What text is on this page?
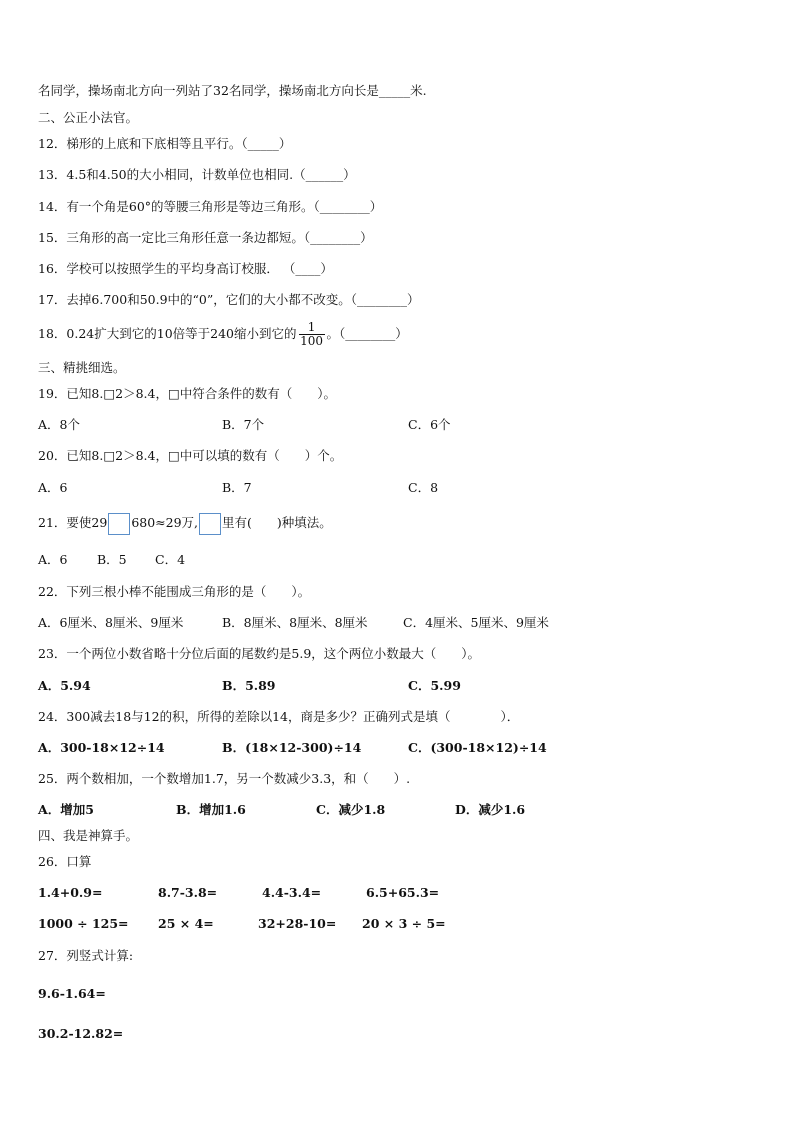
名同学，操场南北方向一列站了32名同学，操场南北方向长是_____米.
二、公正小法官。
12．梯形的上底和下底相等且平行。（_____）
13．4.5和4.50的大小相同，计数单位也相同.（______）
14．有一个角是60°的等腰三角形是等边三角形。（________）
15．三角形的高一定比三角形任意一条边都短。（________）
16．学校可以按照学生的平均身高订校服． （____）
17．去掉6.700和50.9中的“0”，它们的大小都不改变。（________）
18．0.24扩大到它的10倍等于240缩小到它的 $\frac{1}{100}$ 。（________）
三、精挑细选。
19．已知8.□2＞8.4，□中符合条件的数有（　　）。
A．8个	B．7个	C．6个
20．已知8.□2＞8.4，□中可以填的数有（　　）个。
A．6	B．7	C．8
21．要使29 680≈29万, 里有(　　)种填法。
A．6 B．5 C．4
22．下列三根小棒不能围成三角形的是（　　）。
A．6厘米、8厘米、9厘米	B．8厘米、8厘米、8厘米	C．4厘米、5厘米、9厘米
23．一个两位小数省略十分位后面的尾数约是5.9，这个两位小数最大（　　）。
A．5.94	B．5.89	C．5.99
24．300减去18与12的积，所得的差除以14，商是多少？正确列式是填（　　　　）．
A．300-18×12÷14	B．(18×12-300)÷14	C．(300-18×12)÷14
25．两个数相加，一个数增加1.7，另一个数减少3.3，和（　　）.
A．增加5	B．增加1.6	C．减少1.8	D．减少1.6
四、我是神算手。
26．口算
1.4+0.9=	8.7-3.8=	4.4-3.4=	6.5+65.3=
1000 ÷ 125= 25 × 4=	32+28-10= 20 × 3 ÷ 5=
27．列竖式计算:
9.6-1.64=
30.2-12.82=
